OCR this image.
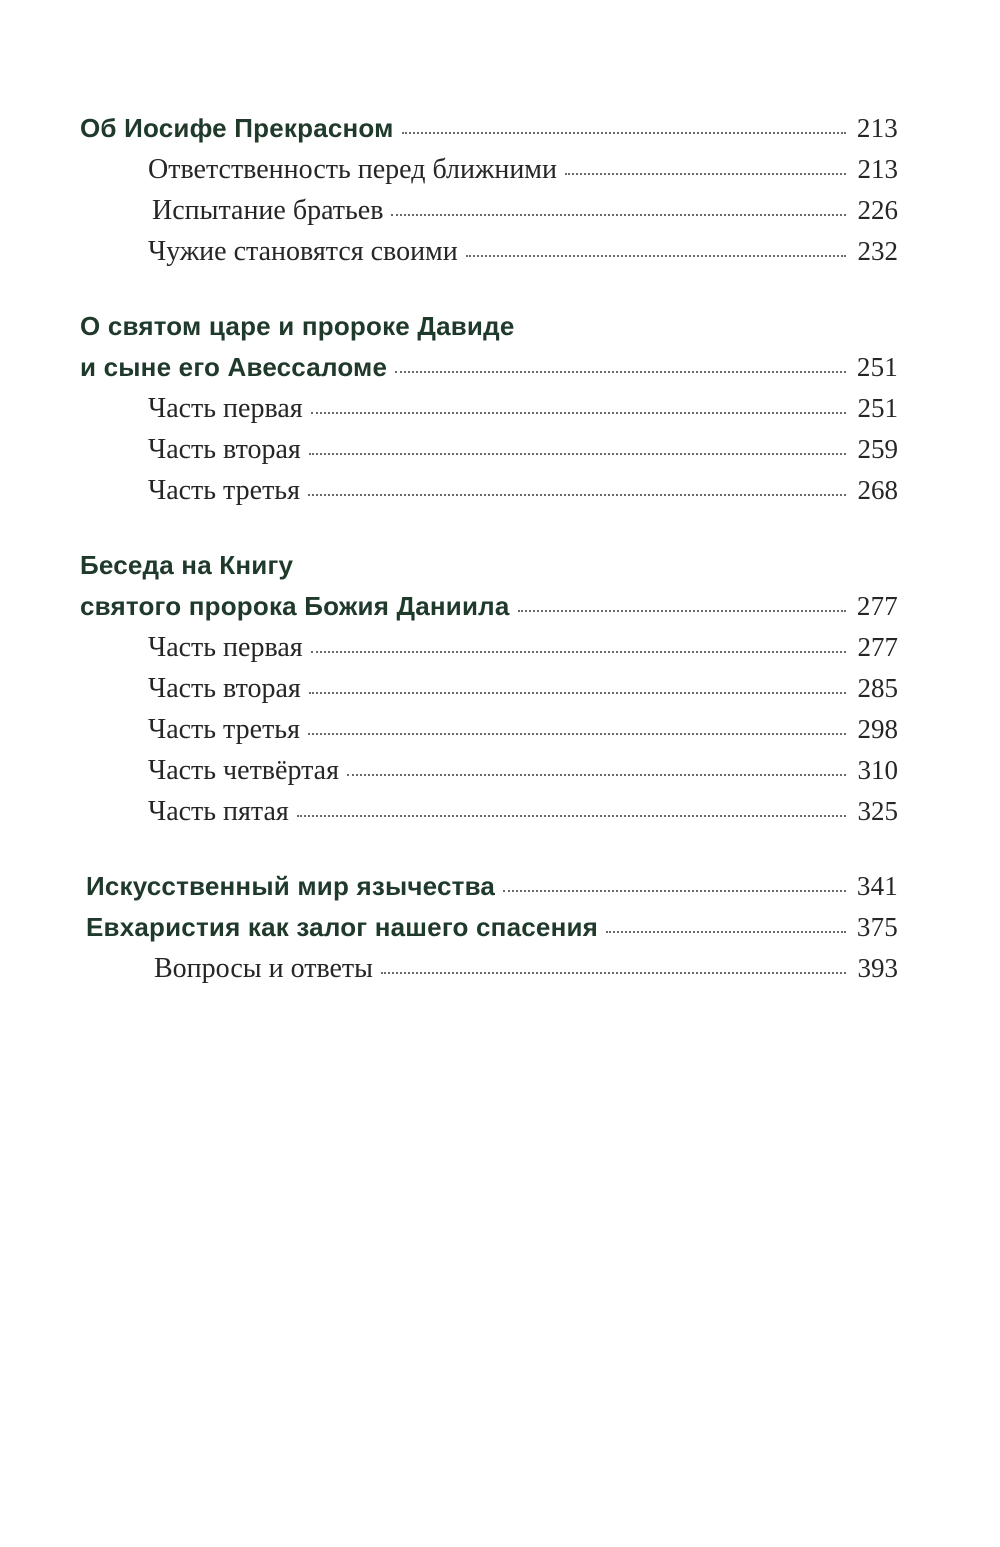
Об Иосифе Прекрасном	213
Ответственность перед ближними	213
Испытание братьев	226
Чужие становятся своими	232
О святом царе и пророке Давиде
и сыне его Авессаломе	251
Часть первая	251
Часть вторая	259
Часть третья	268
Беседа на Книгу
святого пророка Божия Даниила	277
Часть первая	277
Часть вторая	285
Часть третья	298
Часть четвёртая	310
Часть пятая	325
Искусственный мир язычества	341
Евхаристия как залог нашего спасения	375
Вопросы и ответы	393
